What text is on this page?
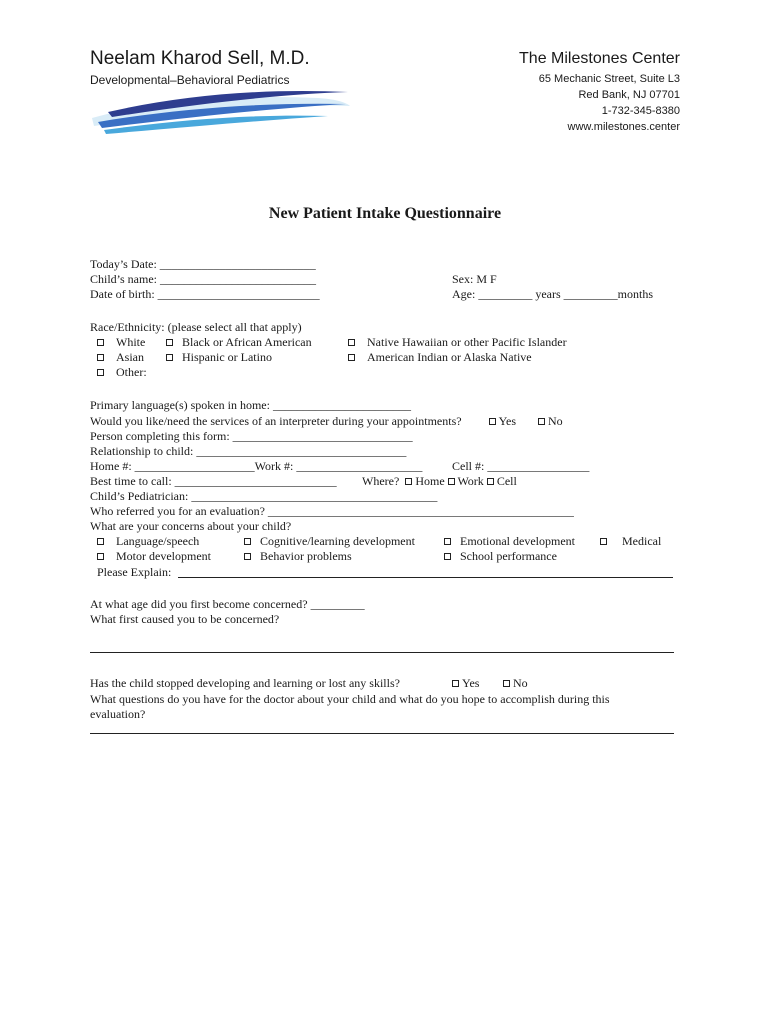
Neelam Kharod Sell, M.D.
Developmental–Behavioral Pediatrics
The Milestones Center
65 Mechanic Street, Suite L3
Red Bank, NJ 07701
1-732-345-8380
www.milestones.center
New Patient Intake Questionnaire
Today’s Date: __________________________
Child’s name: __________________________
Date of birth: ___________________________
Sex: M F
Age: _________ years _________months
Race/Ethnicity: (please select all that apply)
White	Black or African American	Native Hawaiian or other Pacific Islander
Asian	Hispanic or Latino	American Indian or Alaska Native
Other:
Primary language(s) spoken in home: _______________________
Would you like/need the services of an interpreter during your appointments?	Yes	No
Person completing this form: ______________________________
Relationship to child: ___________________________________
Home #: ____________________Work #: _____________________ Cell #: _________________
Best time to call: ___________________________ Where? Home Work Cell
Child’s Pediatrician: _________________________________________
Who referred you for an evaluation? ___________________________________________________
What are your concerns about your child?
Language/speech	Cognitive/learning development	Emotional development	Medical
Motor development	Behavior problems	School performance
Please Explain:
At what age did you first become concerned? _________
What first caused you to be concerned?
Has the child stopped developing and learning or lost any skills?	Yes	No
What questions do you have for the doctor about your child and what do you hope to accomplish during this
evaluation?
